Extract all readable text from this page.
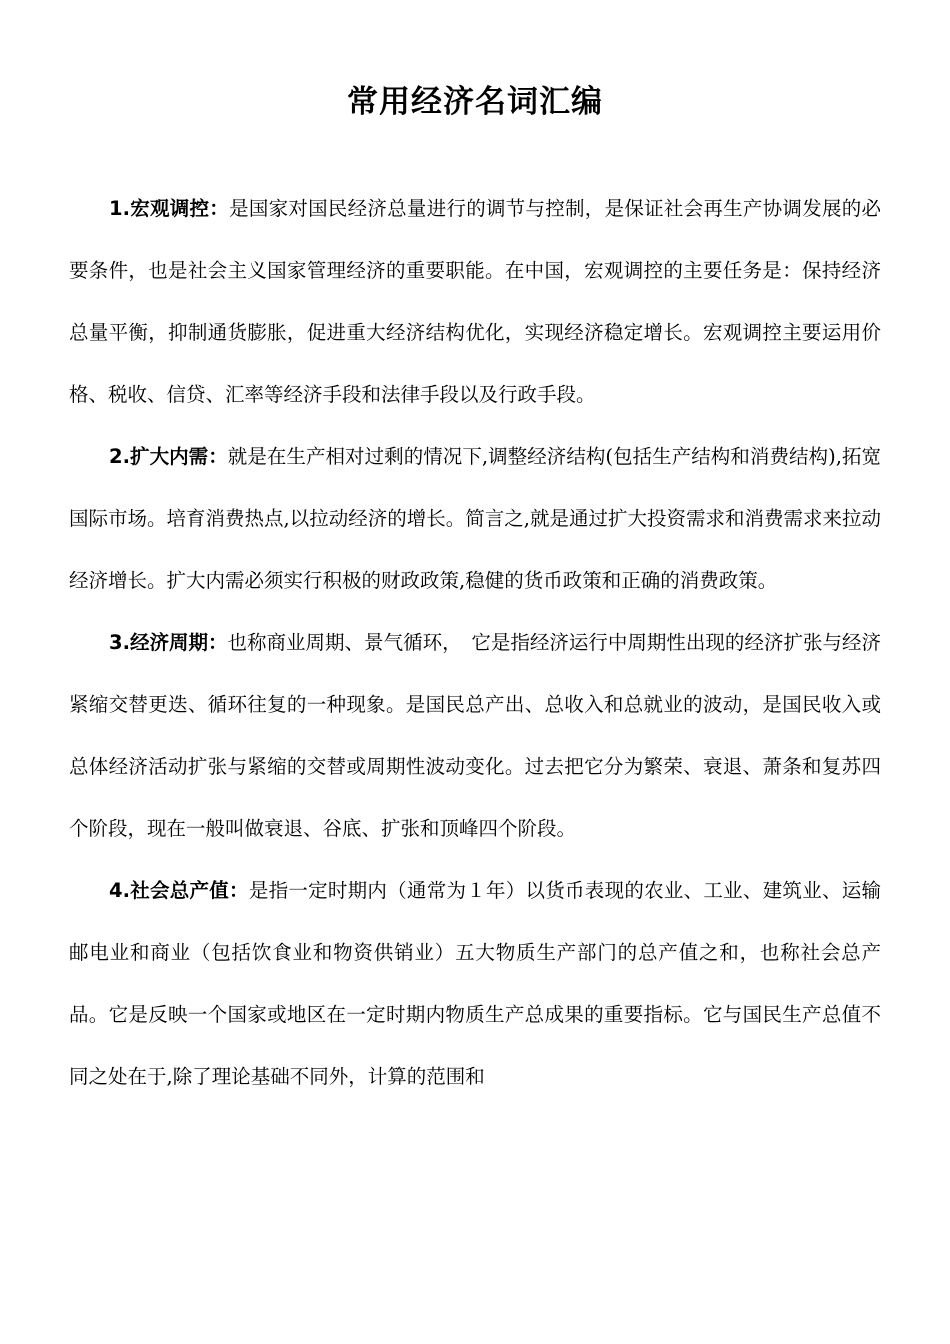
常用经济名词汇编

1.宏观调控：是国家对国民经济总量进行的调节与控制，是保证社会再生产协调发展的必要条件，也是社会主义国家管理经济的重要职能。在中国，宏观调控的主要任务是：保持经济总量平衡，抑制通货膨胀，促进重大经济结构优化，实现经济稳定增长。宏观调控主要运用价格、税收、信贷、汇率等经济手段和法律手段以及行政手段。

2.扩大内需：就是在生产相对过剩的情况下,调整经济结构(包括生产结构和消费结构),拓宽国际市场。培育消费热点,以拉动经济的增长。简言之,就是通过扩大投资需求和消费需求来拉动经济增长。扩大内需必须实行积极的财政政策,稳健的货币政策和正确的消费政策。

3.经济周期：也称商业周期、景气循环，　它是指经济运行中周期性出现的经济扩张与经济紧缩交替更迭、循环往复的一种现象。是国民总产出、总收入和总就业的波动，是国民收入或总体经济活动扩张与紧缩的交替或周期性波动变化。过去把它分为繁荣、衰退、萧条和复苏四个阶段，现在一般叫做衰退、谷底、扩张和顶峰四个阶段。

4.社会总产值：是指一定时期内（通常为１年）以货币表现的农业、工业、建筑业、运输邮电业和商业（包括饮食业和物资供销业）五大物质生产部门的总产值之和，也称社会总产品。它是反映一个国家或地区在一定时期内物质生产总成果的重要指标。它与国民生产总值不同之处在于,除了理论基础不同外，计算的范围和
